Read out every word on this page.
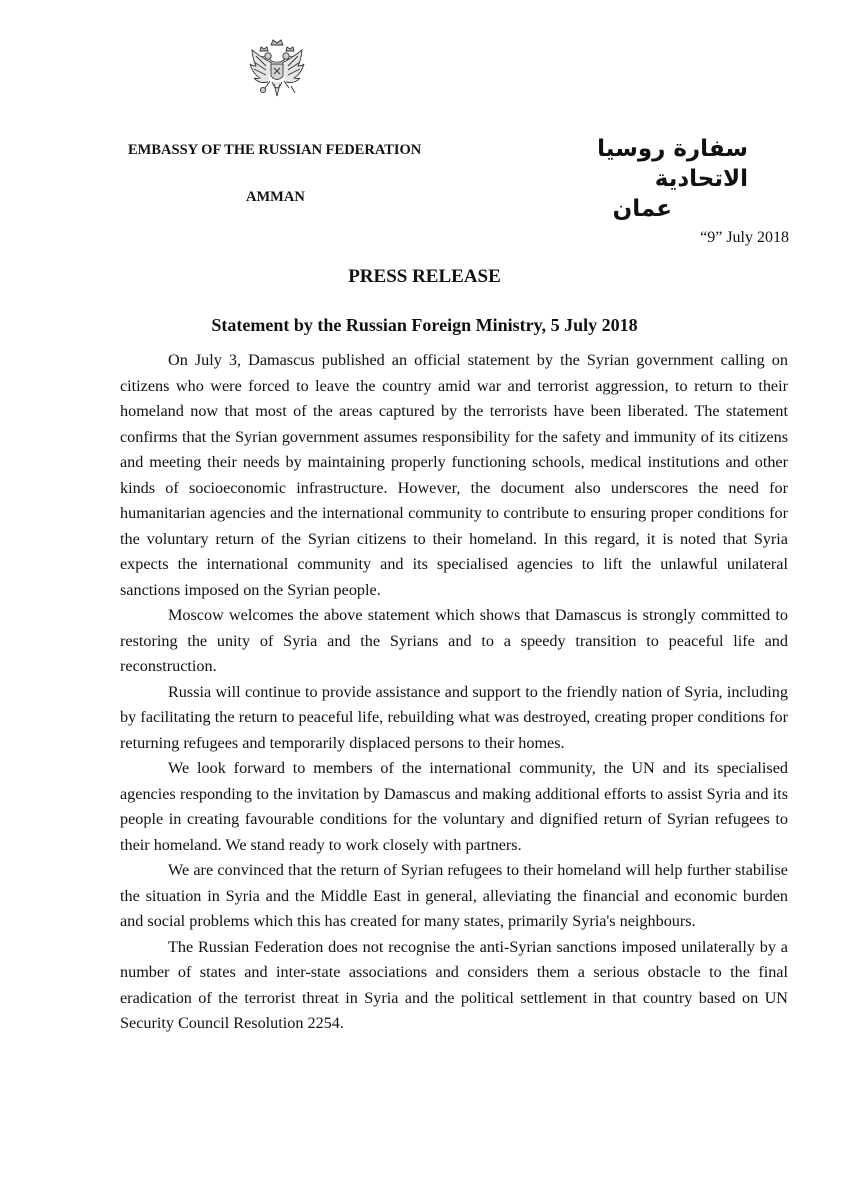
EMBASSY OF THE RUSSIAN FEDERATION
AMMAN
سفارة روسيا الاتحادية
عمان
“9” July 2018
PRESS RELEASE
Statement by the Russian Foreign Ministry, 5 July 2018

On July 3, Damascus published an official statement by the Syrian government calling on citizens who were forced to leave the country amid war and terrorist aggression, to return to their homeland now that most of the areas captured by the terrorists have been liberated. The statement confirms that the Syrian government assumes responsibility for the safety and immunity of its citizens and meeting their needs by maintaining properly functioning schools, medical institutions and other kinds of socioeconomic infrastructure. However, the document also underscores the need for humanitarian agencies and the international community to contribute to ensuring proper conditions for the voluntary return of the Syrian citizens to their homeland. In this regard, it is noted that Syria expects the international community and its specialised agencies to lift the unlawful unilateral sanctions imposed on the Syrian people.

Moscow welcomes the above statement which shows that Damascus is strongly committed to restoring the unity of Syria and the Syrians and to a speedy transition to peaceful life and reconstruction.

Russia will continue to provide assistance and support to the friendly nation of Syria, including by facilitating the return to peaceful life, rebuilding what was destroyed, creating proper conditions for returning refugees and temporarily displaced persons to their homes.

We look forward to members of the international community, the UN and its specialised agencies responding to the invitation by Damascus and making additional efforts to assist Syria and its people in creating favourable conditions for the voluntary and dignified return of Syrian refugees to their homeland. We stand ready to work closely with partners.

We are convinced that the return of Syrian refugees to their homeland will help further stabilise the situation in Syria and the Middle East in general, alleviating the financial and economic burden and social problems which this has created for many states, primarily Syria's neighbours.

The Russian Federation does not recognise the anti-Syrian sanctions imposed unilaterally by a number of states and inter-state associations and considers them a serious obstacle to the final eradication of the terrorist threat in Syria and the political settlement in that country based on UN Security Council Resolution 2254.
